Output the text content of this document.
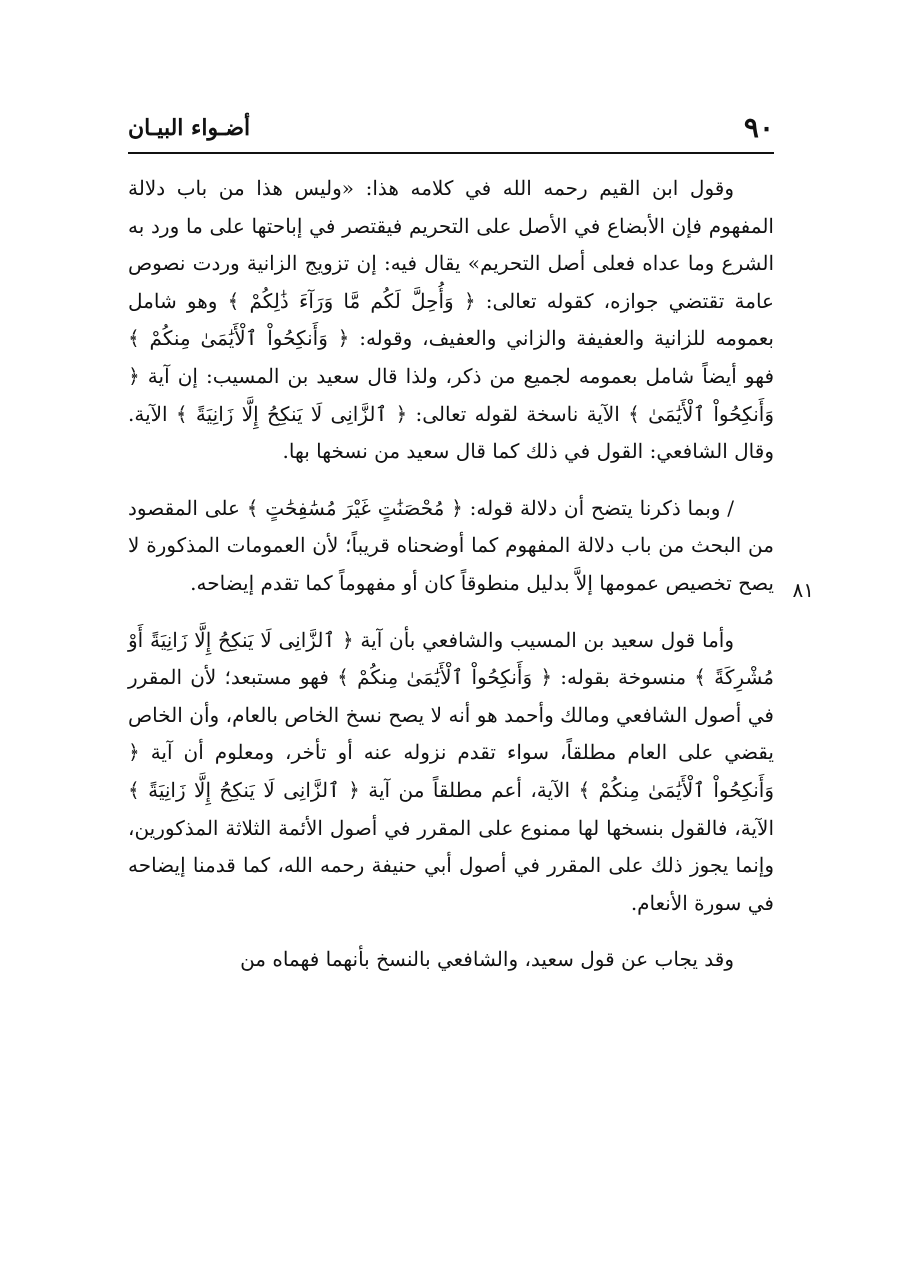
٩٠
أضـواء البيـان
٨١

وقول ابن القيم رحمه الله في كلامه هذا: «وليس هذا من باب دلالة المفهوم فإن الأبضاع في الأصل على التحريم فيقتصر في إباحتها على ما ورد به الشرع وما عداه فعلى أصل التحريم» يقال فيه: إن تزويج الزانية وردت نصوص عامة تقتضي جوازه، كقوله تعالى: ﴿ وَأُحِلَّ لَكُم مَّا وَرَآءَ ذَٰلِكُمْ ﴾ وهو شامل بعمومه للزانية والعفيفة والزاني والعفيف، وقوله: ﴿ وَأَنكِحُواْ ٱلْأَيَٰمَىٰ مِنكُمْ ﴾ فهو أيضاً شامل بعمومه لجميع من ذكر، ولذا قال سعيد بن المسيب: إن آية ﴿ وَأَنكِحُواْ ٱلْأَيَٰمَىٰ ﴾ الآية ناسخة لقوله تعالى: ﴿ ٱلزَّانِى لَا يَنكِحُ إِلَّا زَانِيَةً ﴾ الآية. وقال الشافعي: القول في ذلك كما قال سعيد من نسخها بها.

/ وبما ذكرنا يتضح أن دلالة قوله: ﴿ مُحْصَنَٰتٍ غَيْرَ مُسَٰفِحَٰتٍ ﴾ على المقصود من البحث من باب دلالة المفهوم كما أوضحناه قريباً؛ لأن العمومات المذكورة لا يصح تخصيص عمومها إلاَّ بدليل منطوقاً كان أو مفهوماً كما تقدم إيضاحه.

وأما قول سعيد بن المسيب والشافعي بأن آية ﴿ ٱلزَّانِى لَا يَنكِحُ إِلَّا زَانِيَةً أَوْ مُشْرِكَةً ﴾ منسوخة بقوله: ﴿ وَأَنكِحُواْ ٱلْأَيَٰمَىٰ مِنكُمْ ﴾ فهو مستبعد؛ لأن المقرر في أصول الشافعي ومالك وأحمد هو أنه لا يصح نسخ الخاص بالعام، وأن الخاص يقضي على العام مطلقاً، سواء تقدم نزوله عنه أو تأخر، ومعلوم أن آية ﴿ وَأَنكِحُواْ ٱلْأَيَٰمَىٰ مِنكُمْ ﴾ الآية، أعم مطلقاً من آية ﴿ ٱلزَّانِى لَا يَنكِحُ إِلَّا زَانِيَةً ﴾ الآية، فالقول بنسخها لها ممنوع على المقرر في أصول الأئمة الثلاثة المذكورين، وإنما يجوز ذلك على المقرر في أصول أبي حنيفة رحمه الله، كما قدمنا إيضاحه في سورة الأنعام.

وقد يجاب عن قول سعيد، والشافعي بالنسخ بأنهما فهماه من
